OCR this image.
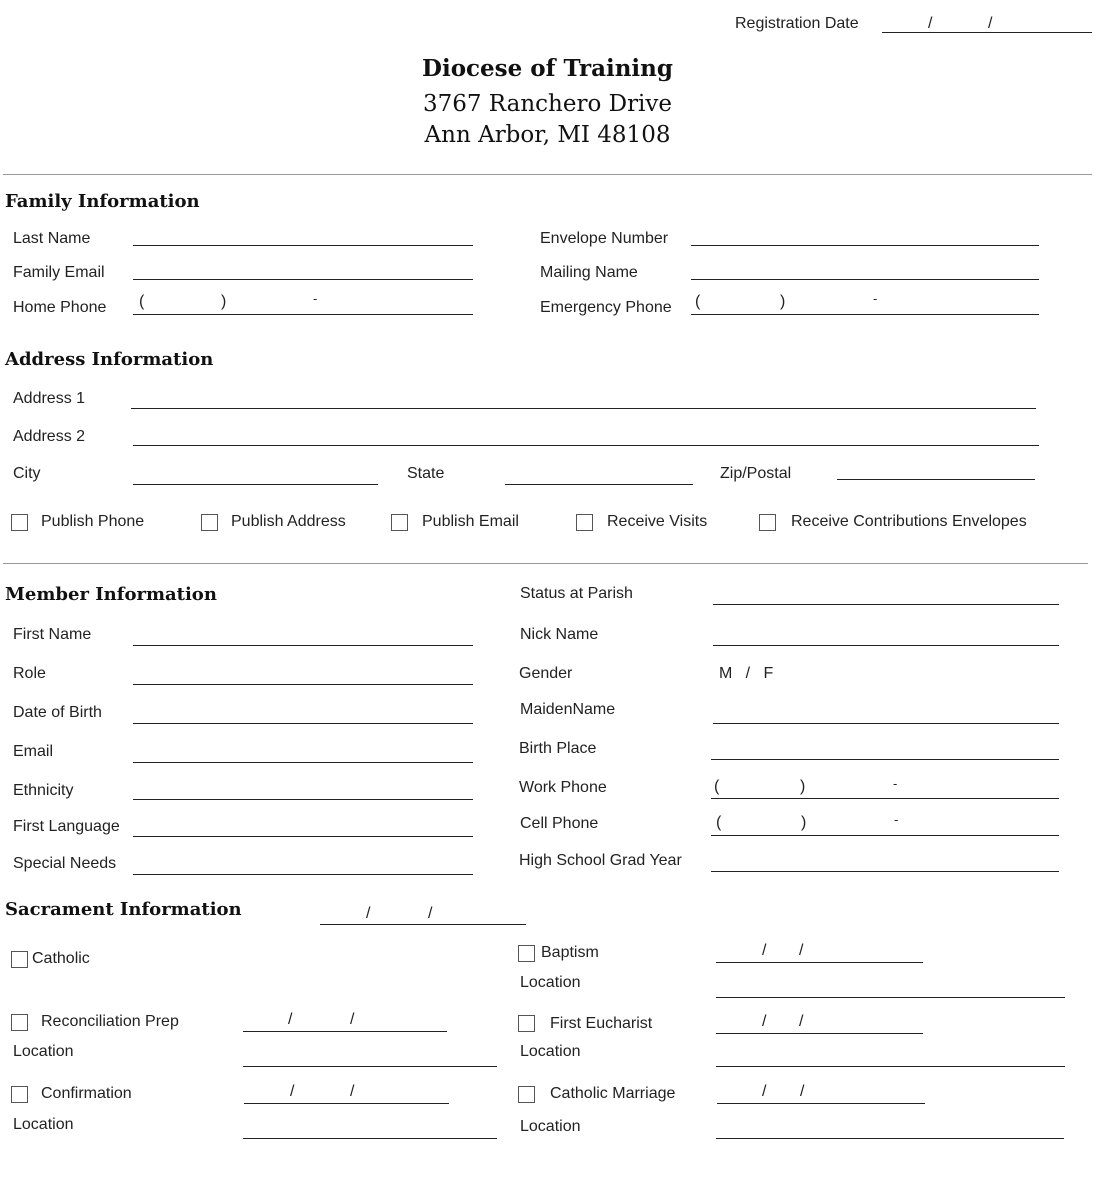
Registration Date	/	/
Diocese of Training
3767 Ranchero Drive
Ann Arbor, MI 48108
Family Information
Last Name
Family Email
Home Phone (	)	-
Envelope Number
Mailing Name
Emergency Phone (	)	-
Address Information
Address 1
Address 2
City	State	Zip/Postal
Publish Phone	Publish Address	Publish Email	Receive Visits	Receive Contributions Envelopes
Member Information
First Name
Role
Date of Birth
Email
Ethnicity
First Language
Special Needs
Status at Parish
Nick Name
Gender	M   /   F
MaidenName
Birth Place
Work Phone	(	)	-
Cell Phone	(	)	-
High School Grad Year
Sacrament Information	/	/
Catholic
Reconciliation Prep	/	/
Location
Confirmation	/	/
Location
Baptism	/ /
Location
First Eucharist	/ /
Location
Catholic Marriage	/ /
Location
